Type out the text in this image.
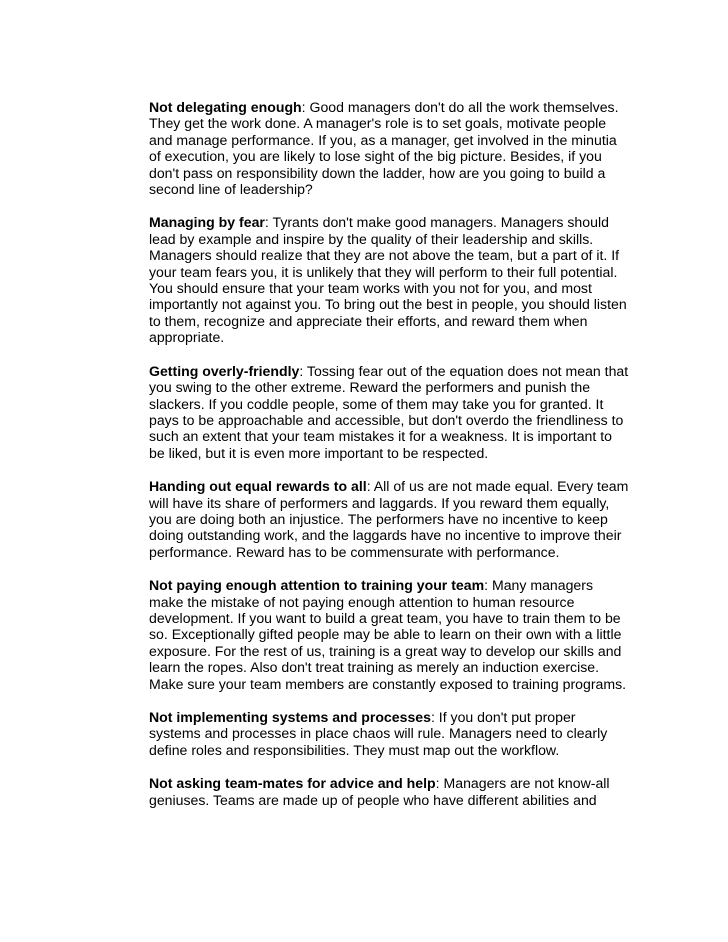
Not delegating enough: Good managers don't do all the work themselves. They get the work done. A manager's role is to set goals, motivate people and manage performance. If you, as a manager, get involved in the minutia of execution, you are likely to lose sight of the big picture. Besides, if you don't pass on responsibility down the ladder, how are you going to build a second line of leadership?

Managing by fear: Tyrants don't make good managers. Managers should lead by example and inspire by the quality of their leadership and skills. Managers should realize that they are not above the team, but a part of it. If your team fears you, it is unlikely that they will perform to their full potential. You should ensure that your team works with you not for you, and most importantly not against you. To bring out the best in people, you should listen to them, recognize and appreciate their efforts, and reward them when appropriate.

Getting overly-friendly: Tossing fear out of the equation does not mean that you swing to the other extreme. Reward the performers and punish the slackers. If you coddle people, some of them may take you for granted. It pays to be approachable and accessible, but don't overdo the friendliness to such an extent that your team mistakes it for a weakness. It is important to be liked, but it is even more important to be respected.

Handing out equal rewards to all: All of us are not made equal. Every team will have its share of performers and laggards. If you reward them equally, you are doing both an injustice. The performers have no incentive to keep doing outstanding work, and the laggards have no incentive to improve their performance. Reward has to be commensurate with performance.

Not paying enough attention to training your team: Many managers make the mistake of not paying enough attention to human resource development. If you want to build a great team, you have to train them to be so. Exceptionally gifted people may be able to learn on their own with a little exposure. For the rest of us, training is a great way to develop our skills and learn the ropes. Also don't treat training as merely an induction exercise. Make sure your team members are constantly exposed to training programs.

Not implementing systems and processes: If you don't put proper systems and processes in place chaos will rule. Managers need to clearly define roles and responsibilities. They must map out the workflow.

Not asking team-mates for advice and help: Managers are not know-all geniuses. Teams are made up of people who have different abilities and
